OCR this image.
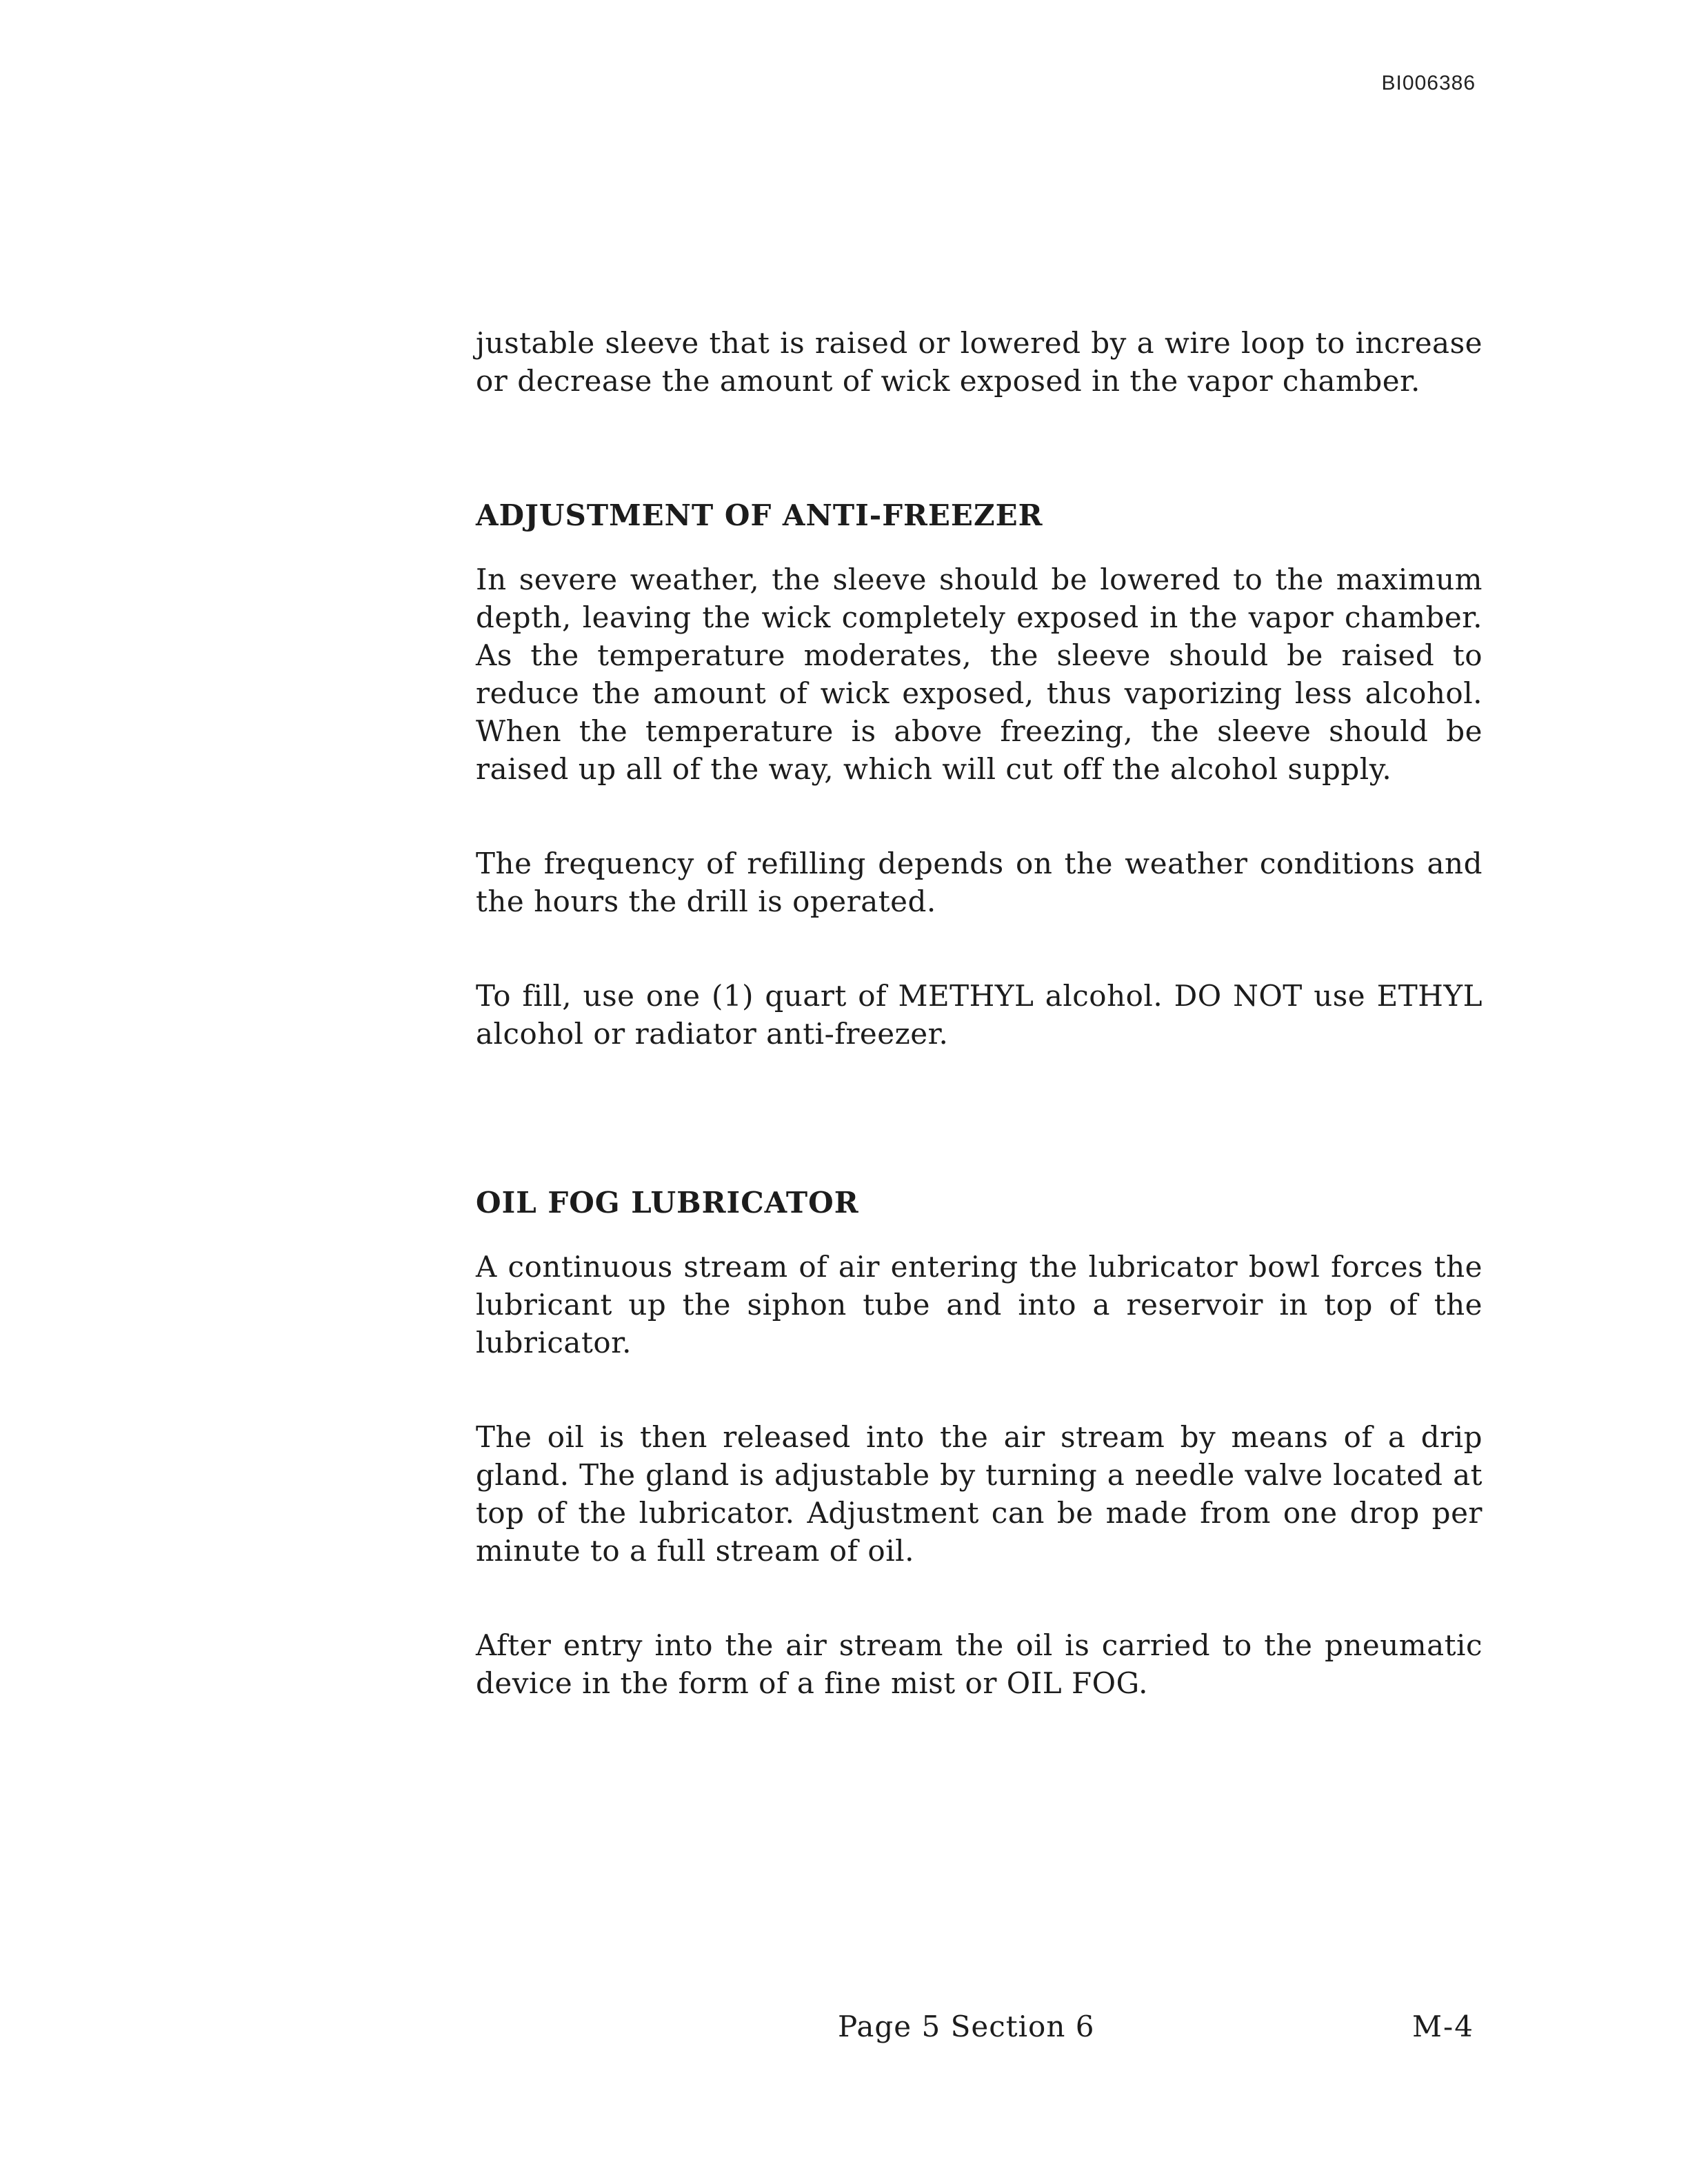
BI006386

justable sleeve that is raised or lowered by a wire loop to increase or decrease the amount of wick exposed in the vapor chamber.

ADJUSTMENT OF ANTI-FREEZER

In severe weather, the sleeve should be lowered to the maximum depth, leaving the wick completely exposed in the vapor chamber. As the temperature moderates, the sleeve should be raised to reduce the amount of wick exposed, thus vaporizing less alcohol. When the temperature is above freezing, the sleeve should be raised up all of the way, which will cut off the alcohol supply.

The frequency of refilling depends on the weather conditions and the hours the drill is operated.

To fill, use one (1) quart of METHYL alcohol. DO NOT use ETHYL alcohol or radiator anti-freezer.

OIL FOG LUBRICATOR

A continuous stream of air entering the lubricator bowl forces the lubricant up the siphon tube and into a reservoir in top of the lubricator.

The oil is then released into the air stream by means of a drip gland. The gland is adjustable by turning a needle valve located at top of the lubricator. Adjustment can be made from one drop per minute to a full stream of oil.

After entry into the air stream the oil is carried to the pneumatic device in the form of a fine mist or OIL FOG.

Page 5 Section 6	M-4
